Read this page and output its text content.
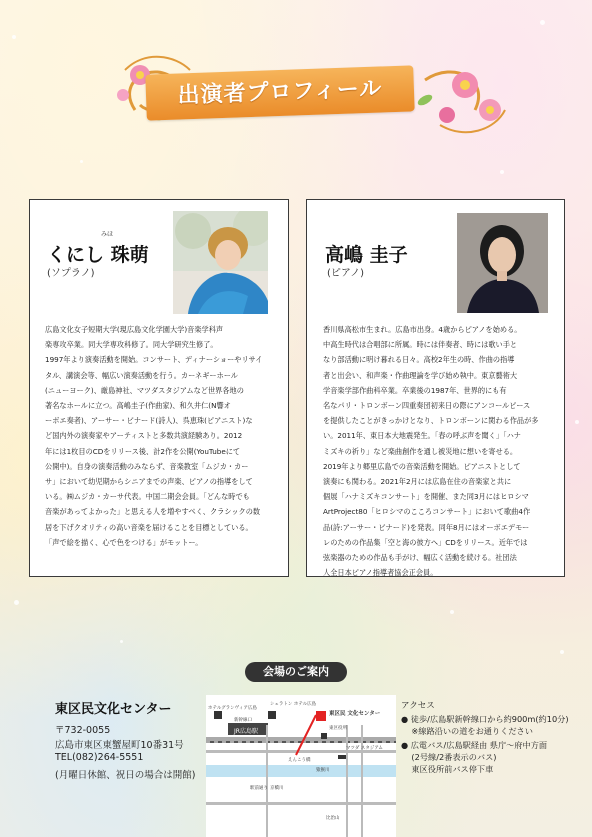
出演者プロフィール
みほ
くにし 珠萌
(ソプラノ)
広島文化女子短期大学(現広島文化学園大学)音楽学科声
楽専攻卒業。同大学専攻科修了。同大学研究生修了。
1997年より演奏活動を開始。コンサート、ディナーショーやリサイ
タル、講演会等、幅広い演奏活動を行う。カーネギーホール
(ニューヨーク)、厳島神社、マツダスタジアムなど世界各地の
著名なホールに立つ。高嶋圭子(作曲家)、和久井仁(N響オ
ーボエ奏者)、アーサー・ビナード(詩人)、呉恵珠(ピアニスト)な
ど国内外の演奏家やアーティストと多数共演経験あり。2012
年には1枚目のCDをリリース後、計2作を公開(YouTubeにて
公開中)。自身の演奏活動のみならず、音楽教室「ムジカ・カー
サ」において幼児期からシニアまでの声楽、ピアノの指導をして
いる。㈱ムジカ・カーサ代表。中国二期会会員。「どんな時でも
音楽があってよかった」と思える人を増やすべく、クラシックの数
居を下げクオリティの高い音楽を届けることを目標としている。
「声で絵を描く、心で色をつける」がモットー。
高嶋 圭子
(ピアノ)
香川県高松市生まれ。広島市出身。4歳からピアノを始める。
中高生時代は合唱部に所属。時には伴奏者、時には歌い手と
なり部活動に明け暮れる日々。高校2年生の時、作曲の指導
者と出会い、和声楽・作曲理論を学び始め執中。東京藝術大
学音楽学部作曲科卒業。卒業後の1987年、世界的にも有
名なパリ・トロンボーン四重奏団初来日の際にアンコールピース
を提供したことがきっかけとなり、トロンボーンに関わる作品が多
い。2011年、東日本大地震発生。「春の呼ぶ声を聞く」「ハナ
ミズキの祈り」など楽曲創作を通し被災地に想いを寄せる。
2019年より郷里広島での音楽活動を開始。ピアニストとして
演奏にも関わる。2021年2月には広島在住の音楽家と共に
個展「ハナミズキコンサート」を開催、また同3月にはヒロシマ
ArtProject80「ヒロシマのこころコンサート」において歌曲4作
品(詩:アーサー・ビナード)を発表。同年8月にはオーボエデモー
レのための作品集「空と海の彼方へ」CDをリリース。近年では
弦楽器のための作品も手がけ、幅広く活動を続ける。社団法
人全日本ピアノ指導者協会正会員。
会場のご案内
東区民文化センター
〒732-0055
広島市東区東蟹屋町10番31号
TEL(082)264-5551
(月曜日休館、祝日の場合は開館)
ホテルグランヴィア広島
シェラトン ホテル広島
新幹線口
JR広島駅
東区民 文化センター
東区役所
マツダ スタジアム
えんこう橋
猿猴川
京橋川
駅前通り
比治山
アクセス
● 徒歩/広島駅新幹線口から約900m(約10分)
※線路沿いの道をお通りください
● 広電バス/広島駅経由 県庁～府中方面
(2号線/2番表示のバス)
東区役所前バス停下車
